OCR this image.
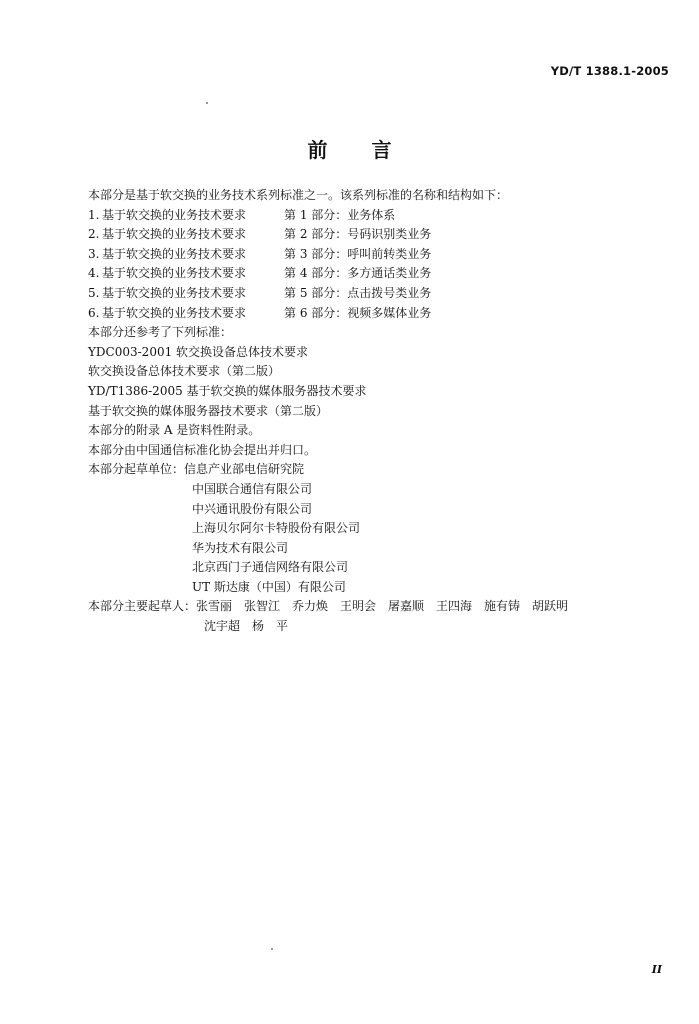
YD/T 1388.1-2005
前 言
本部分是基于软交换的业务技术系列标准之一。该系列标准的名称和结构如下：
1. 基于软交换的业务技术要求	第 1 部分：业务体系
2. 基于软交换的业务技术要求	第 2 部分：号码识别类业务
3. 基于软交换的业务技术要求	第 3 部分：呼叫前转类业务
4. 基于软交换的业务技术要求	第 4 部分：多方通话类业务
5. 基于软交换的业务技术要求	第 5 部分：点击拨号类业务
6. 基于软交换的业务技术要求	第 6 部分：视频多媒体业务
本部分还参考了下列标准：
YDC003-2001 软交换设备总体技术要求
软交换设备总体技术要求（第二版）
YD/T1386-2005 基于软交换的媒体服务器技术要求
基于软交换的媒体服务器技术要求（第二版）
本部分的附录 A 是资料性附录。
本部分由中国通信标准化协会提出并归口。
本部分起草单位：信息产业部电信研究院
中国联合通信有限公司
中兴通讯股份有限公司
上海贝尔阿尔卡特股份有限公司
华为技术有限公司
北京西门子通信网络有限公司
UT 斯达康（中国）有限公司
本部分主要起草人：张雪丽　张智江　乔力焕　王明会　屠嘉顺　王四海　施有铸　胡跃明
沈宇超　杨　平
II
